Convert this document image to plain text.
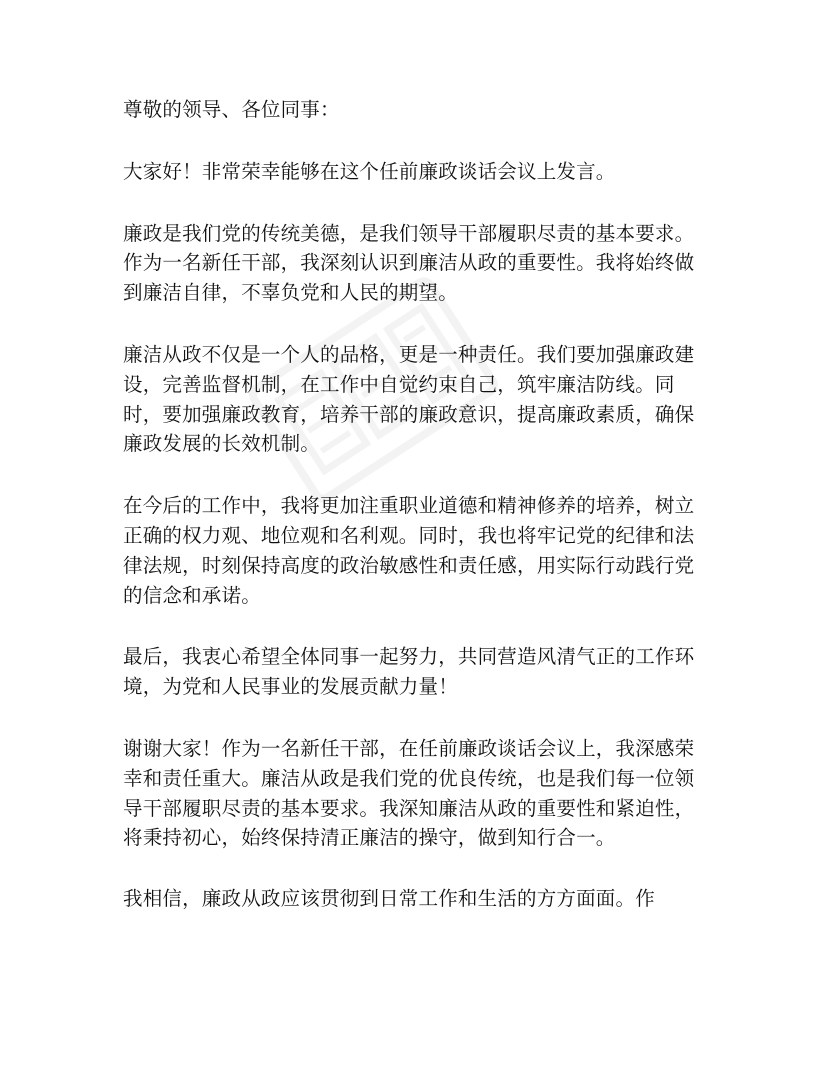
尊敬的领导、各位同事：

大家好！非常荣幸能够在这个任前廉政谈话会议上发言。

廉政是我们党的传统美德，是我们领导干部履职尽责的基本要求。作为一名新任干部，我深刻认识到廉洁从政的重要性。我将始终做到廉洁自律，不辜负党和人民的期望。

廉洁从政不仅是一个人的品格，更是一种责任。我们要加强廉政建设，完善监督机制，在工作中自觉约束自己，筑牢廉洁防线。同时，要加强廉政教育，培养干部的廉政意识，提高廉政素质，确保廉政发展的长效机制。

在今后的工作中，我将更加注重职业道德和精神修养的培养，树立正确的权力观、地位观和名利观。同时，我也将牢记党的纪律和法律法规，时刻保持高度的政治敏感性和责任感，用实际行动践行党的信念和承诺。

最后，我衷心希望全体同事一起努力，共同营造风清气正的工作环境，为党和人民事业的发展贡献力量！

谢谢大家！作为一名新任干部，在任前廉政谈话会议上，我深感荣幸和责任重大。廉洁从政是我们党的优良传统，也是我们每一位领导干部履职尽责的基本要求。我深知廉洁从政的重要性和紧迫性，将秉持初心，始终保持清正廉洁的操守，做到知行合一。

我相信，廉政从政应该贯彻到日常工作和生活的方方面面。作
